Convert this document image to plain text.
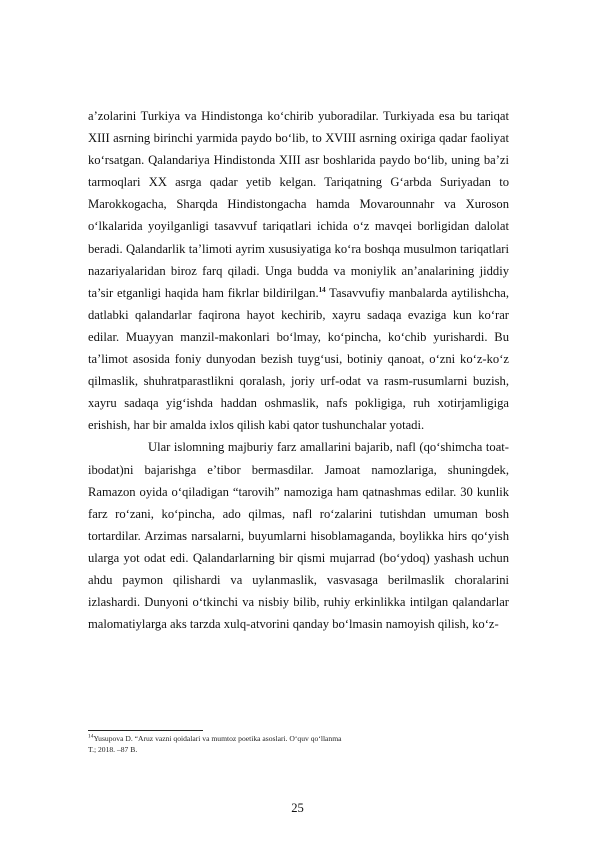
a’zolarini Turkiya va Hindistonga ko‘chirib yuboradilar. Turkiyada esa bu tariqat XIII asrning birinchi yarmida paydo bo‘lib, to XVIII asrning oxiriga qadar faoliyat ko‘rsatgan. Qalandariya Hindistonda XIII asr boshlarida paydo bo‘lib, uning ba’zi tarmoqlari XX asrga qadar yetib kelgan. Tariqatning G‘arbda Suriyadan to Marokkogacha, Sharqda Hindistongacha hamda Movarounnahr va Xuroson o‘lkalarida yoyilganligi tasavvuf tariqatlari ichida o‘z mavqei borligidan dalolat beradi. Qalandarlik ta’limoti ayrim xususiyatiga ko‘ra boshqa musulmon tariqatlari nazariyalaridan biroz farq qiladi. Unga budda va moniylik an’analarining jiddiy ta’sir etganligi haqida ham fikrlar bildirilgan.$^{14}$ Tasavvufiy manbalarda aytilishcha, datlabki qalandarlar faqirona hayot kechirib, xayru sadaqa evaziga kun ko‘rar edilar. Muayyan manzil-makonlari bo‘lmay, ko‘pincha, ko‘chib yurishardi. Bu ta’limot asosida foniy dunyodan bezish tuyg‘usi, botiniy qanoat, o‘zni ko‘z-ko‘z qilmaslik, shuhratparastlikni qoralash, joriy urf-odat va rasm-rusumlarni buzish, xayru sadaqa yig‘ishda haddan oshmaslik, nafs pokligiga, ruh xotirjamligiga erishish, har bir amalda ixlos qilish kabi qator tushunchalar yotadi.

Ular islomning majburiy farz amallarini bajarib, nafl (qo‘shimcha toat-ibodat)ni bajarishga e’tibor bermasdilar. Jamoat namozlariga, shuningdek, Ramazon oyida o‘qiladigan “tarovih” namoziga ham qatnashmas edilar. 30 kunlik farz ro‘zani, ko‘pincha, ado qilmas, nafl ro‘zalarini tutishdan umuman bosh tortardilar. Arzimas narsalarni, buyumlarni hisoblamaganda, boylikka hirs qo‘yish ularga yot odat edi. Qalandarlarning bir qismi mujarrad (bo‘ydoq) yashash uchun ahdu paymon qilishardi va uylanmaslik, vasvasaga berilmaslik choralarini izlashardi. Dunyoni o‘tkinchi va nisbiy bilib, ruhiy erkinlikka intilgan qalandarlar malomatiylarga aks tarzda xulq-atvorini qanday bo‘lmasin namoyish qilish, ko‘z-

$^{14}$Yusupova D. “Aruz vazni qoidalari va mumtoz poetika asoslari. O‘quv qo‘llanma
T.; 2018. –87 B.
25
